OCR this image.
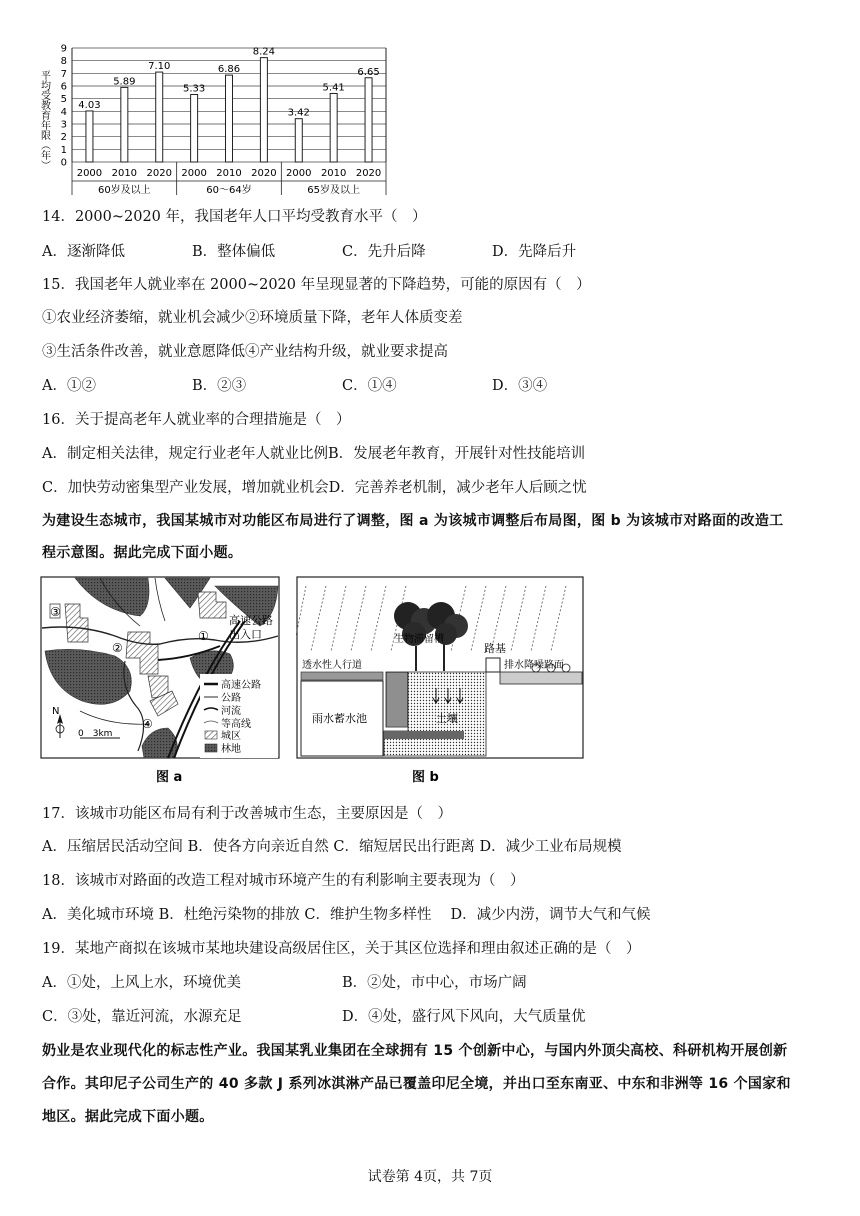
平均受教育年限（年） 0
1
2
3
4
5
6
7
8
9
4.03
5.89
7.10
5.33
6.86
8.24
3.42
5.41
6.65
2000 2010 2020
60岁及以上
2000 2010 2020
60～64岁
2000 2010 2020
65岁及以上
14．2000~2020 年，我国老年人口平均受教育水平（　）
A．逐渐降低	B．整体偏低	C．先升后降	D．先降后升
15．我国老年人就业率在 2000~2020 年呈现显著的下降趋势，可能的原因有（　）
①农业经济萎缩，就业机会减少②环境质量下降，老年人体质变差
③生活条件改善，就业意愿降低④产业结构升级，就业要求提高
A．①②	B．②③	C．①④	D．③④
16．关于提高老年人就业率的合理措施是（　）
A．制定相关法律，规定行业老年人就业比例B．发展老年教育，开展针对性技能培训
C．加快劳动密集型产业发展，增加就业机会D．完善养老机制，减少老年人后顾之忧
为建设生态城市，我国某城市对功能区布局进行了调整，图 a 为该城市调整后布局图，图 b 为该城市对路面的改造工
程示意图。据此完成下面小题。
③
②
①
④
高速公路
出入口
高速公路
公路
河流
等高线
城区
林地
N
0　3km
图 a
雨水蓄水池
透水性人行道
生物滞留槽
土壤
路基
排水降噪路面
图 b
17．该城市功能区布局有利于改善城市生态，主要原因是（　）
A．压缩居民活动空间 B．使各方向亲近自然 C．缩短居民出行距离 D．减少工业布局规模
18．该城市对路面的改造工程对城市环境产生的有利影响主要表现为（　）
A．美化城市环境 B．杜绝污染物的排放 C．维护生物多样性　 D．减少内涝，调节大气和气候
19．某地产商拟在该城市某地块建设高级居住区，关于其区位选择和理由叙述正确的是（　）
A．①处，上风上水，环境优美	B．②处，市中心，市场广阔
C．③处，靠近河流，水源充足	D．④处，盛行风下风向，大气质量优
奶业是农业现代化的标志性产业。我国某乳业集团在全球拥有 15 个创新中心，与国内外顶尖高校、科研机构开展创新
合作。其印尼子公司生产的 40 多款 J 系列冰淇淋产品已覆盖印尼全境，并出口至东南亚、中东和非洲等 16 个国家和
地区。据此完成下面小题。
试卷第 4页，共 7页
